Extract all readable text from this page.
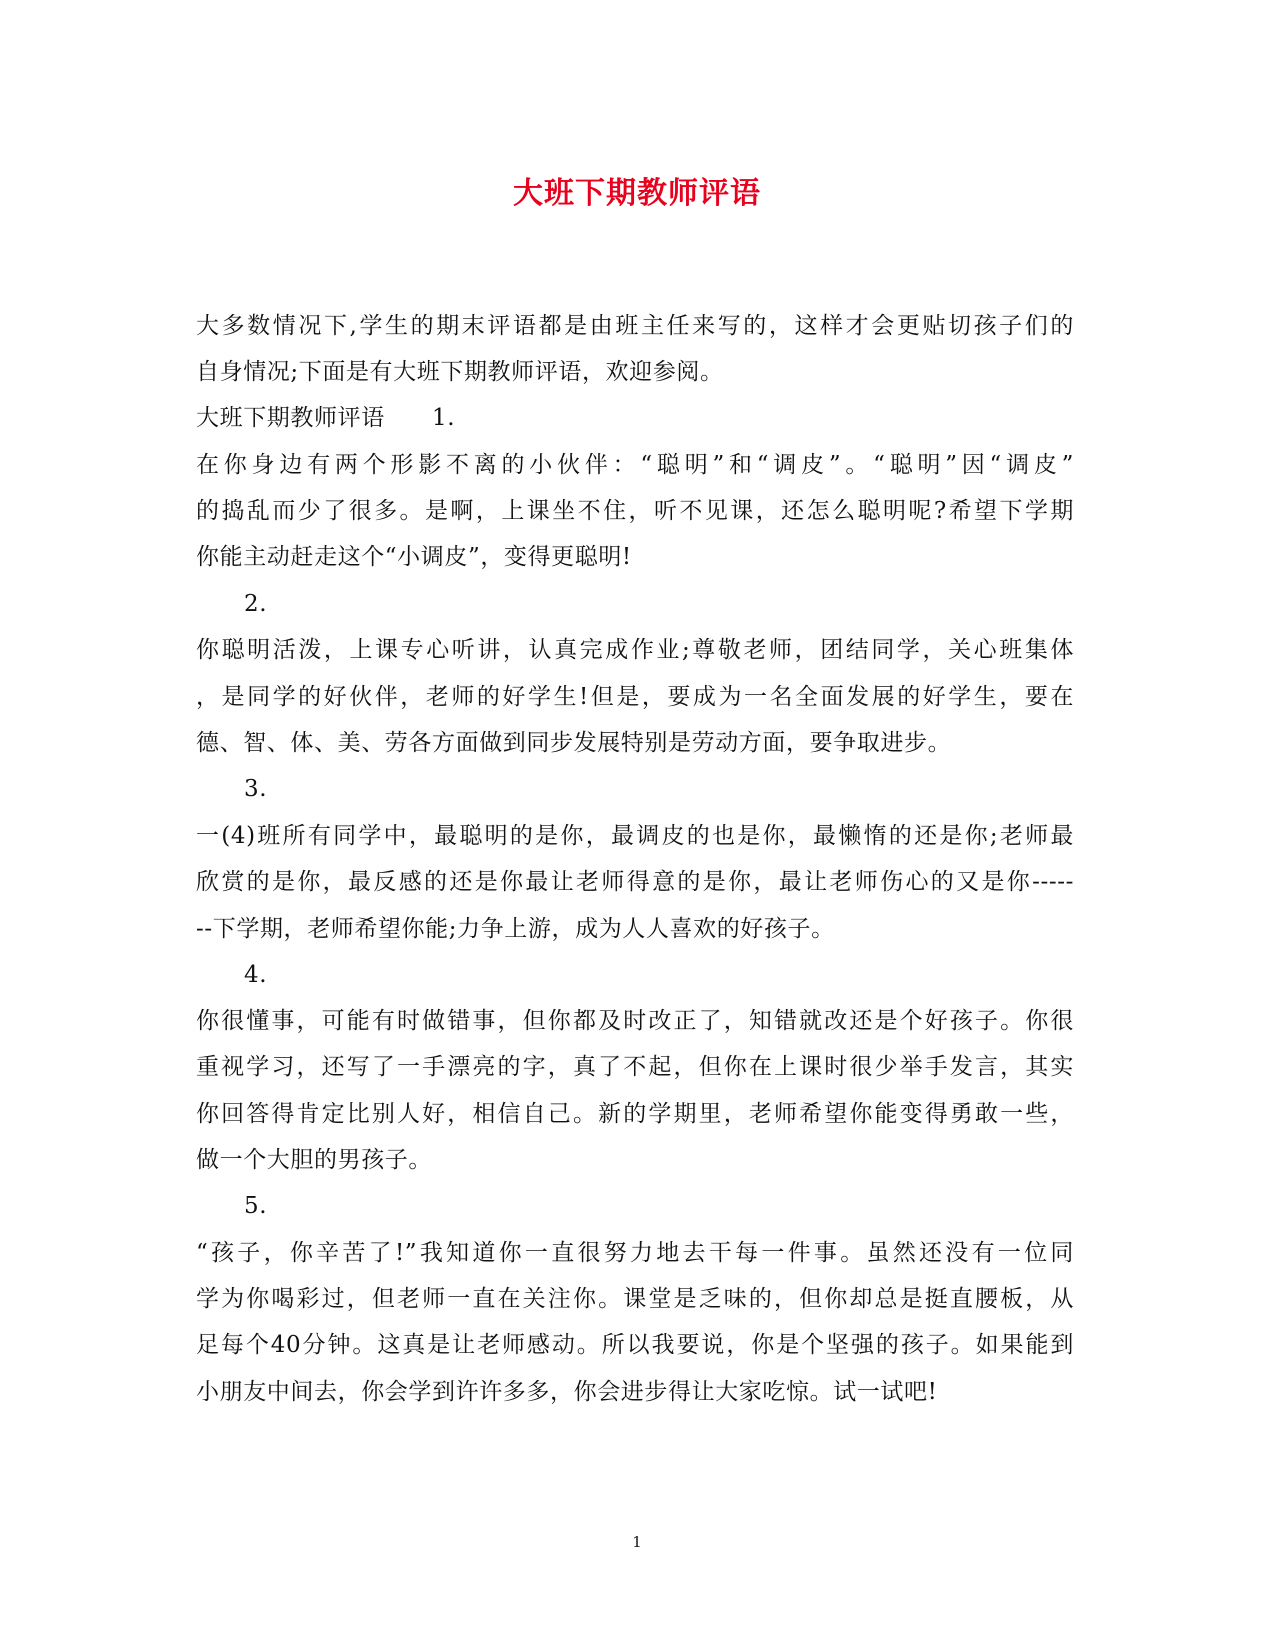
大班下期教师评语
大多数情况下,学生的期末评语都是由班主任来写的，这样才会更贴切孩子们的
自身情况;下面是有大班下期教师评语，欢迎参阅。
大班下期教师评语　　1.
在你身边有两个形影不离的小伙伴：“聪明”和“调皮”。“聪明”因“调皮”
的捣乱而少了很多。是啊，上课坐不住，听不见课，还怎么聪明呢?希望下学期
你能主动赶走这个“小调皮”，变得更聪明!
2.
你聪明活泼，上课专心听讲，认真完成作业;尊敬老师，团结同学，关心班集体
，是同学的好伙伴，老师的好学生!但是，要成为一名全面发展的好学生，要在
德、智、体、美、劳各方面做到同步发展特别是劳动方面，要争取进步。
3.
一(4)班所有同学中，最聪明的是你，最调皮的也是你，最懒惰的还是你;老师最
欣赏的是你，最反感的还是你最让老师得意的是你，最让老师伤心的又是你-----
--下学期，老师希望你能;力争上游，成为人人喜欢的好孩子。
4.
你很懂事，可能有时做错事，但你都及时改正了，知错就改还是个好孩子。你很
重视学习，还写了一手漂亮的字，真了不起，但你在上课时很少举手发言，其实
你回答得肯定比别人好，相信自己。新的学期里，老师希望你能变得勇敢一些，
做一个大胆的男孩子。
5.
“孩子，你辛苦了!”我知道你一直很努力地去干每一件事。虽然还没有一位同
学为你喝彩过，但老师一直在关注你。课堂是乏味的，但你却总是挺直腰板，从
足每个40分钟。这真是让老师感动。所以我要说，你是个坚强的孩子。如果能到
小朋友中间去，你会学到许许多多，你会进步得让大家吃惊。试一试吧!
1
